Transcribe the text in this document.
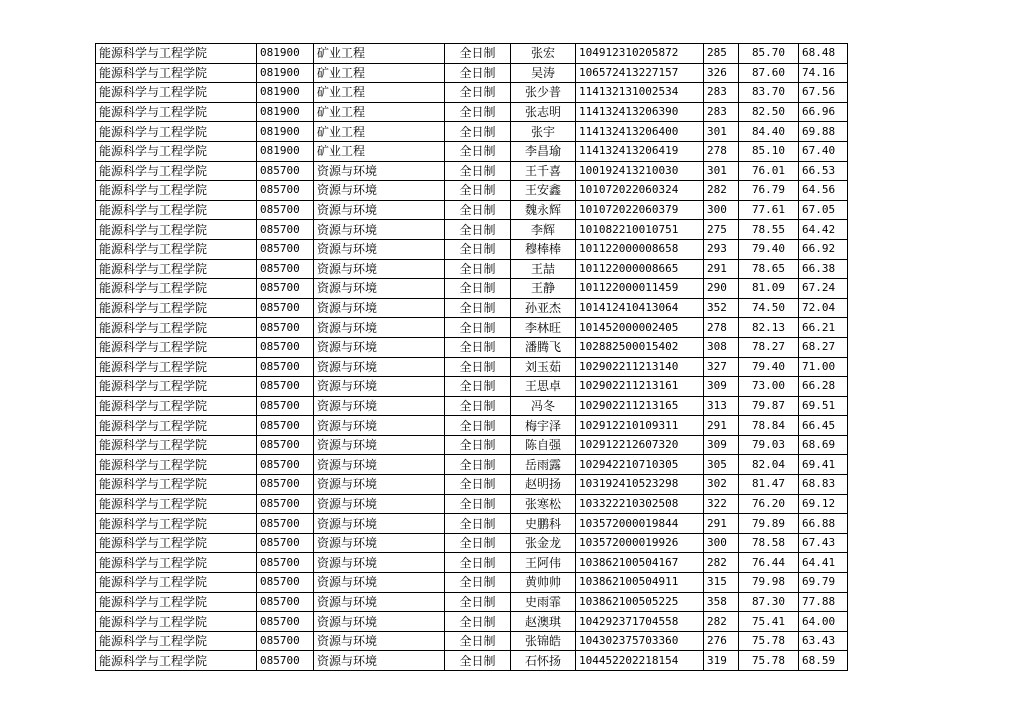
能源科学与工程学院	081900	矿业工程	全日制	张宏	104912310205872	285	85.70	68.48
能源科学与工程学院	081900	矿业工程	全日制	吴涛	106572413227157	326	87.60	74.16
能源科学与工程学院	081900	矿业工程	全日制	张少普	114132131002534	283	83.70	67.56
能源科学与工程学院	081900	矿业工程	全日制	张志明	114132413206390	283	82.50	66.96
能源科学与工程学院	081900	矿业工程	全日制	张宇	114132413206400	301	84.40	69.88
能源科学与工程学院	081900	矿业工程	全日制	李昌瑜	114132413206419	278	85.10	67.40
能源科学与工程学院	085700	资源与环境	全日制	王千喜	100192413210030	301	76.01	66.53
能源科学与工程学院	085700	资源与环境	全日制	王安鑫	101072022060324	282	76.79	64.56
能源科学与工程学院	085700	资源与环境	全日制	魏永辉	101072022060379	300	77.61	67.05
能源科学与工程学院	085700	资源与环境	全日制	李辉	101082210010751	275	78.55	64.42
能源科学与工程学院	085700	资源与环境	全日制	穆棒棒	101122000008658	293	79.40	66.92
能源科学与工程学院	085700	资源与环境	全日制	王喆	101122000008665	291	78.65	66.38
能源科学与工程学院	085700	资源与环境	全日制	王静	101122000011459	290	81.09	67.24
能源科学与工程学院	085700	资源与环境	全日制	孙亚杰	101412410413064	352	74.50	72.04
能源科学与工程学院	085700	资源与环境	全日制	李林旺	101452000002405	278	82.13	66.21
能源科学与工程学院	085700	资源与环境	全日制	潘腾飞	102882500015402	308	78.27	68.27
能源科学与工程学院	085700	资源与环境	全日制	刘玉茹	102902211213140	327	79.40	71.00
能源科学与工程学院	085700	资源与环境	全日制	王思卓	102902211213161	309	73.00	66.28
能源科学与工程学院	085700	资源与环境	全日制	冯冬	102902211213165	313	79.87	69.51
能源科学与工程学院	085700	资源与环境	全日制	梅宇泽	102912210109311	291	78.84	66.45
能源科学与工程学院	085700	资源与环境	全日制	陈自强	102912212607320	309	79.03	68.69
能源科学与工程学院	085700	资源与环境	全日制	岳雨露	102942210710305	305	82.04	69.41
能源科学与工程学院	085700	资源与环境	全日制	赵明扬	103192410523298	302	81.47	68.83
能源科学与工程学院	085700	资源与环境	全日制	张寒松	103322210302508	322	76.20	69.12
能源科学与工程学院	085700	资源与环境	全日制	史鹏科	103572000019844	291	79.89	66.88
能源科学与工程学院	085700	资源与环境	全日制	张金龙	103572000019926	300	78.58	67.43
能源科学与工程学院	085700	资源与环境	全日制	王阿伟	103862100504167	282	76.44	64.41
能源科学与工程学院	085700	资源与环境	全日制	黄帅帅	103862100504911	315	79.98	69.79
能源科学与工程学院	085700	资源与环境	全日制	史雨霏	103862100505225	358	87.30	77.88
能源科学与工程学院	085700	资源与环境	全日制	赵澳琪	104292371704558	282	75.41	64.00
能源科学与工程学院	085700	资源与环境	全日制	张锦皓	104302375703360	276	75.78	63.43
能源科学与工程学院	085700	资源与环境	全日制	石怀扬	104452202218154	319	75.78	68.59
